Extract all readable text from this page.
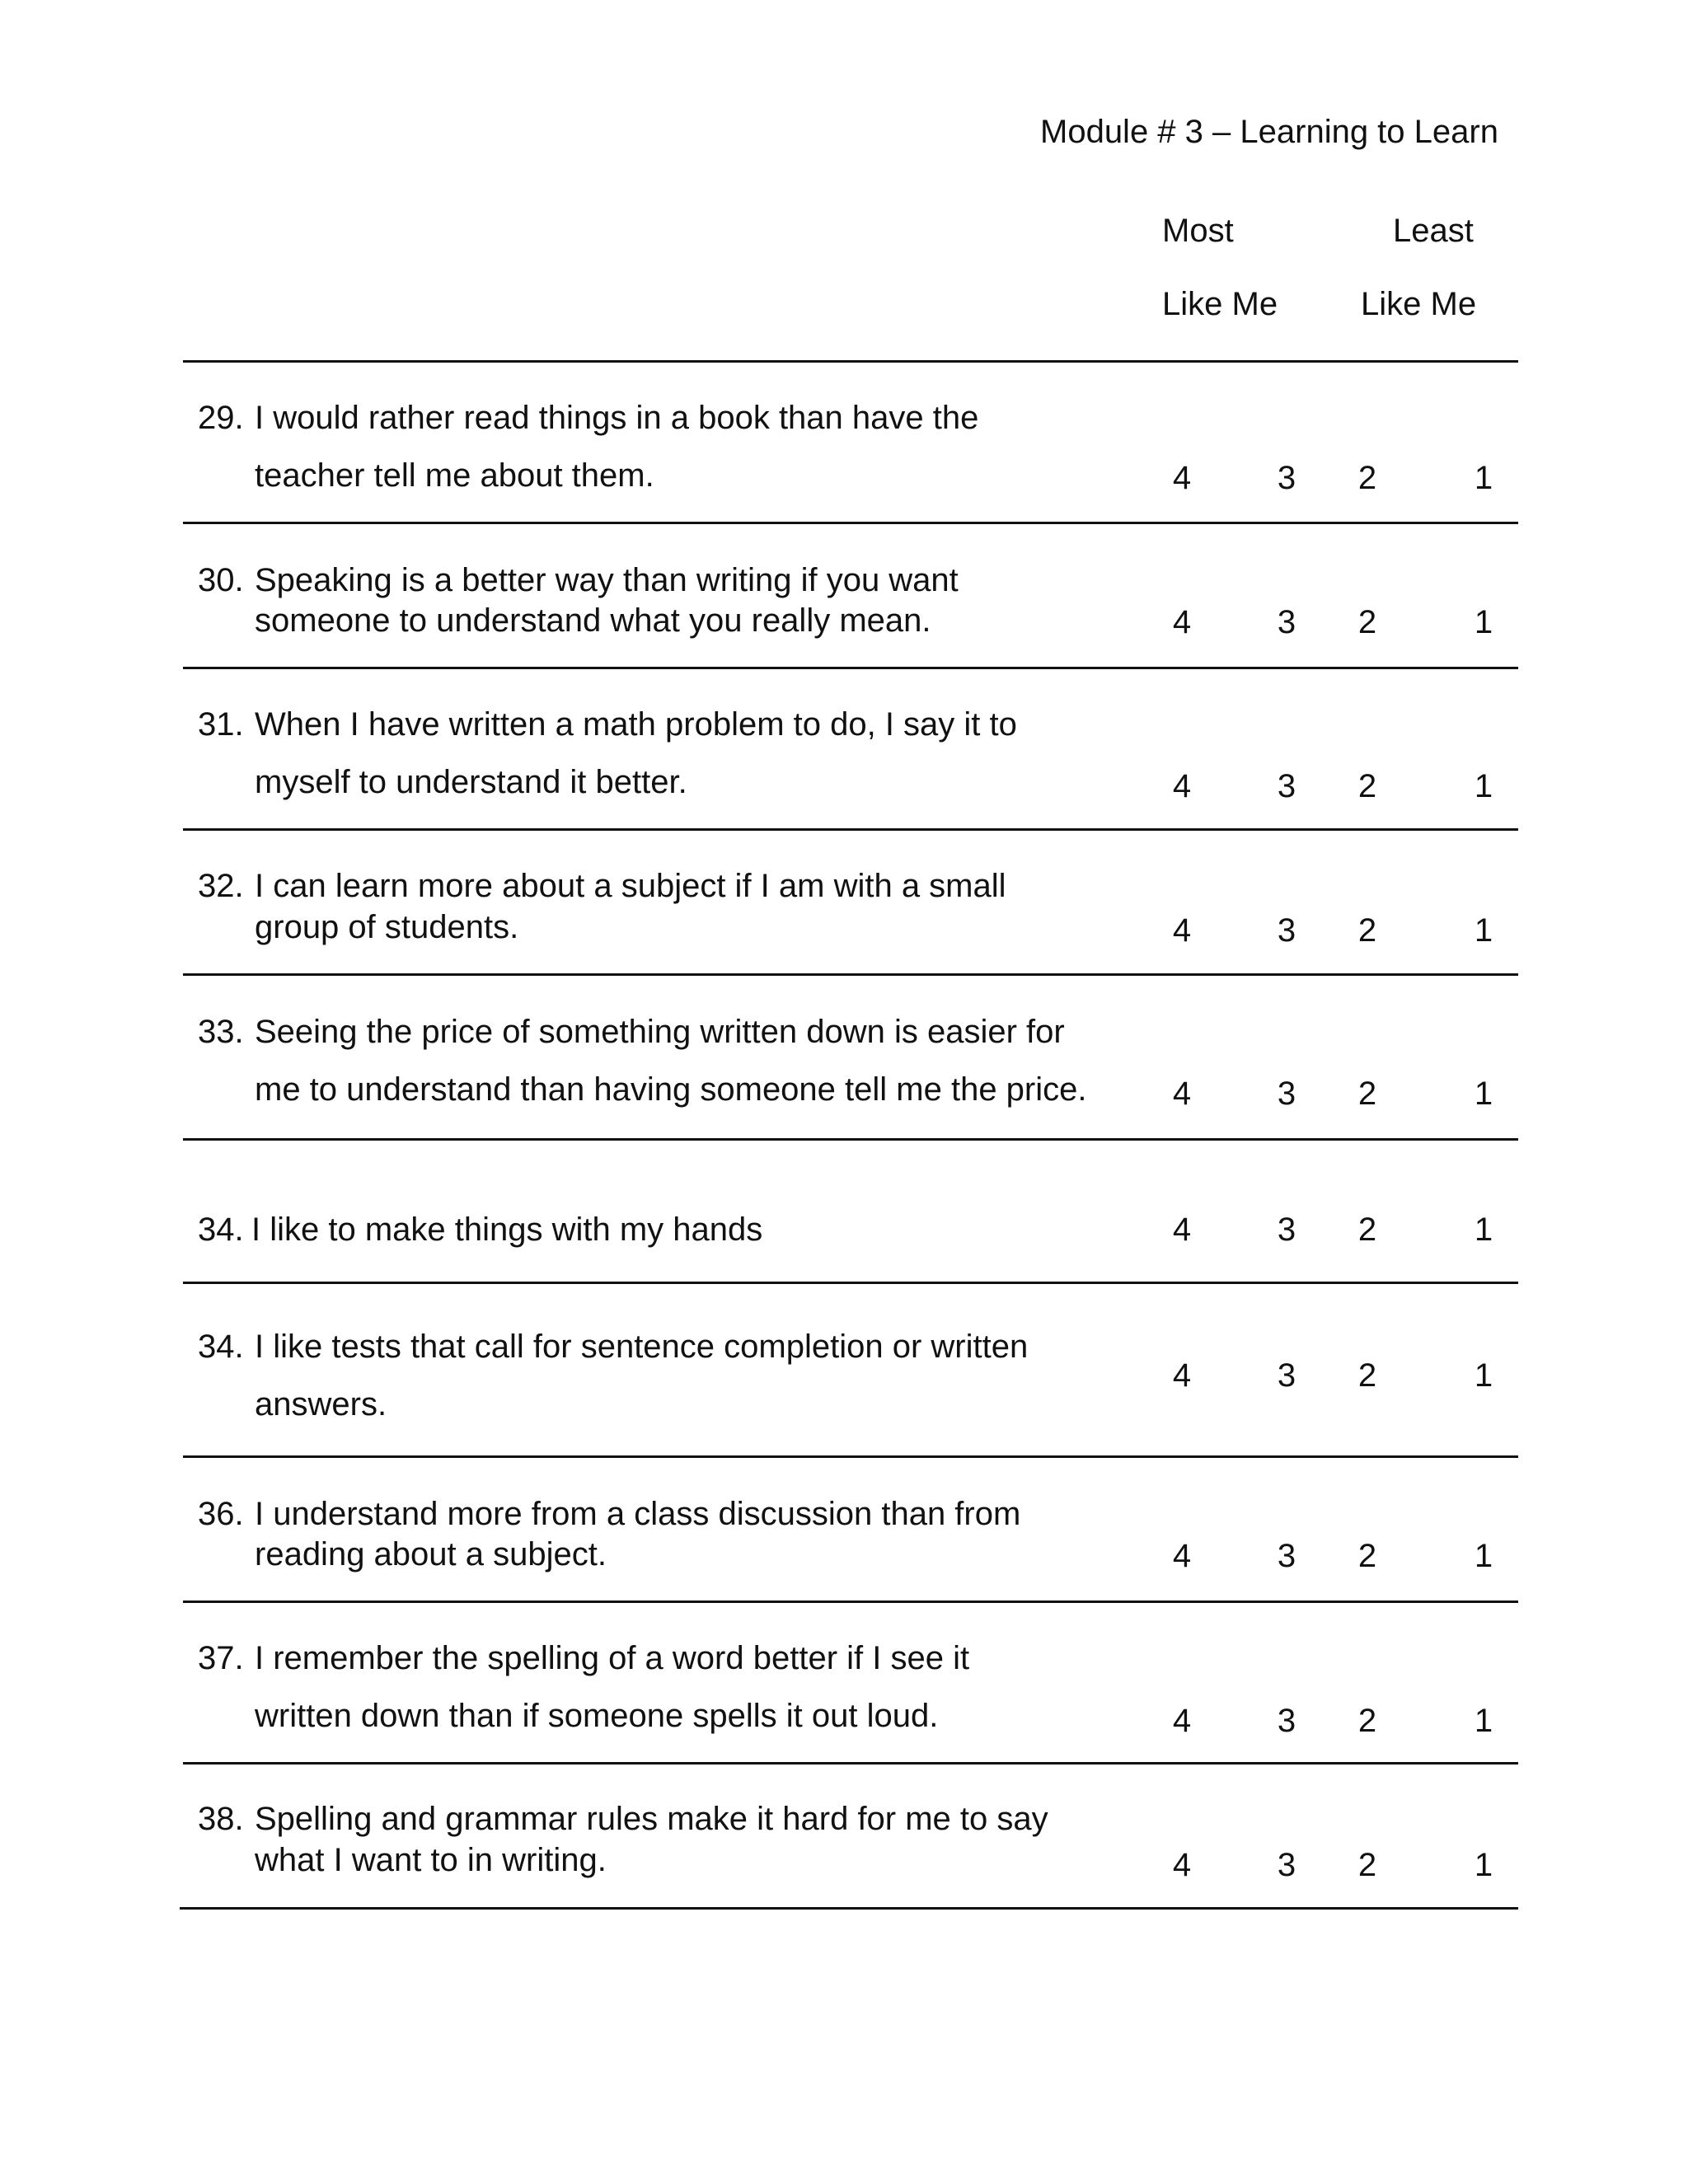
Module # 3 – Learning to Learn
Most
Like Me
Least
Like Me
29. I would rather read things in a book than have the
teacher tell me about them.	4	3 2	1
30. Speaking is a better way than writing if you want
someone to understand what you really mean.	4	3 2	1
31. When I have written a math problem to do, I say it to
myself to understand it better.	4	3 2	1
32. I can learn more about a subject if I am with a small
group of students.	4	3 2	1
33. Seeing the price of something written down is easier for
me to understand than having someone tell me the price.	4	3 2	1
34. I like to make things with my hands	4	3 2	1
34. I like tests that call for sentence completion or written
answers.
4	3 2	1
36. I understand more from a class discussion than from
reading about a subject.	4	3 2	1
37. I remember the spelling of a word better if I see it
written down than if someone spells it out loud.	4	3 2	1
38. Spelling and grammar rules make it hard for me to say
what I want to in writing.	4	3 2	1
